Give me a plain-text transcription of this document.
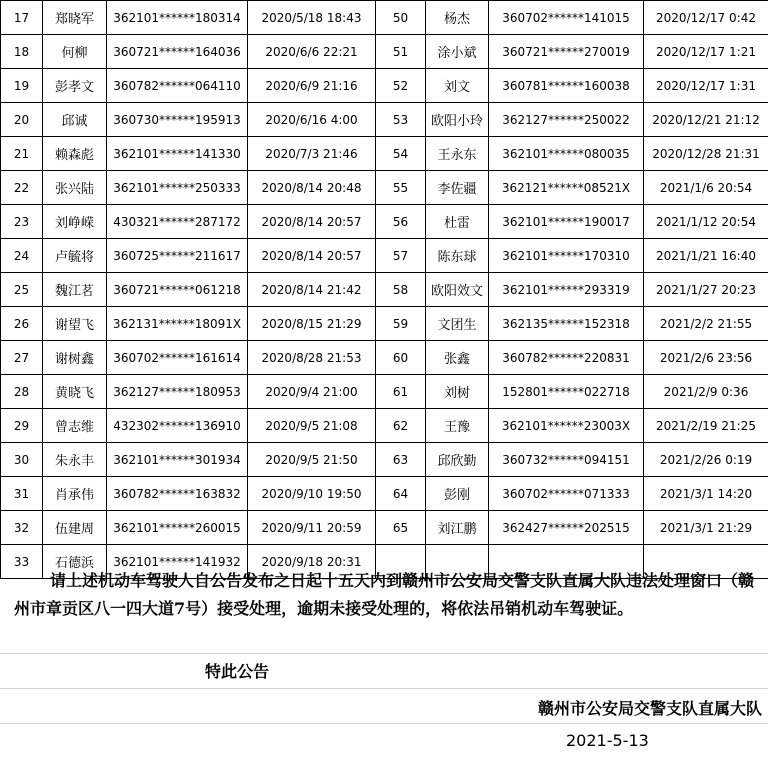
17	郑晓军	362101******180314	2020/5/18 18:43	50	杨杰	360702******141015	2020/12/17 0:42
18	何柳	360721******164036	2020/6/6 22:21	51	涂小斌	360721******270019	2020/12/17 1:21
19	彭孝文	360782******064110	2020/6/9 21:16	52	刘文	360781******160038	2020/12/17 1:31
20	邱诚	360730******195913	2020/6/16 4:00	53	欧阳小玲	362127******250022	2020/12/21 21:12
21	赖森彪	362101******141330	2020/7/3 21:46	54	王永东	362101******080035	2020/12/28 21:31
22	张兴陆	362101******250333	2020/8/14 20:48	55	李佐疆	362121******08521X	2021/1/6 20:54
23	刘峥嵘	430321******287172	2020/8/14 20:57	56	杜雷	362101******190017	2021/1/12 20:54
24	卢毓将	360725******211617	2020/8/14 20:57	57	陈东球	362101******170310	2021/1/21 16:40
25	魏江茗	360721******061218	2020/8/14 21:42	58	欧阳效文	362101******293319	2021/1/27 20:23
26	谢望飞	362131******18091X	2020/8/15 21:29	59	文团生	362135******152318	2021/2/2 21:55
27	谢树鑫	360702******161614	2020/8/28 21:53	60	张鑫	360782******220831	2021/2/6 23:56
28	黄晓飞	362127******180953	2020/9/4 21:00	61	刘树	152801******022718	2021/2/9 0:36
29	曾志维	432302******136910	2020/9/5 21:08	62	王豫	362101******23003X	2021/2/19 21:25
30	朱永丰	362101******301934	2020/9/5 21:50	63	邱欣勤	360732******094151	2021/2/26 0:19
31	肖承伟	360782******163832	2020/9/10 19:50	64	彭刚	360702******071333	2021/3/1 14:20
32	伍建周	362101******260015	2020/9/11 20:59	65	刘江鹏	362427******202515	2021/3/1 21:29
33	石德浜	362101******141932	2020/9/18 20:31				
请上述机动车驾驶人自公告发布之日起十五天内到赣州市公安局交警支队直属大队违法处理窗口（赣州市章贡区八一四大道7号）接受处理，逾期未接受处理的，将依法吊销机动车驾驶证。
特此公告
赣州市公安局交警支队直属大队
2021-5-13
